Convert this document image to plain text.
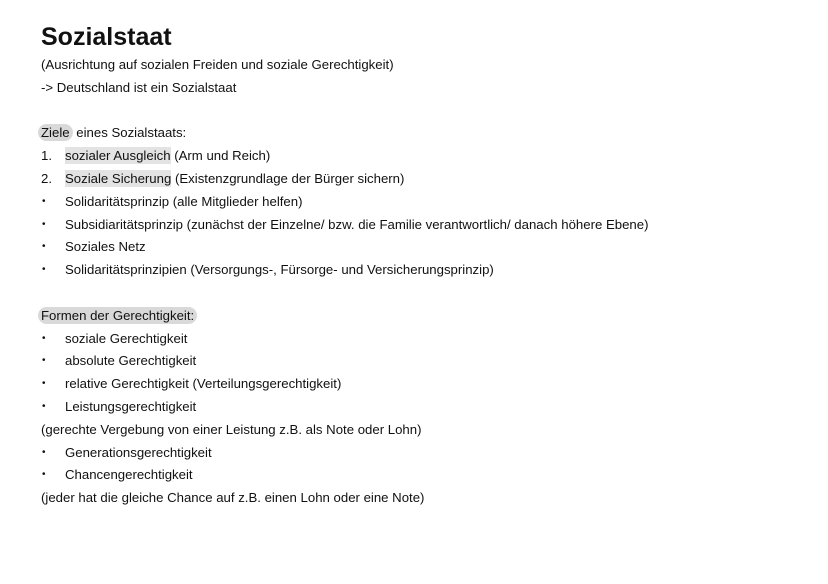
Sozialstaat
(Ausrichtung auf sozialen Freiden und soziale Gerechtigkeit)
-> Deutschland ist ein Sozialstaat
Ziele eines Sozialstaats:
1. sozialer Ausgleich (Arm und Reich)
2. Soziale Sicherung (Existenzgrundlage der Bürger sichern)
• Solidaritätsprinzip (alle Mitglieder helfen)
• Subsidiaritätsprinzip (zunächst der Einzelne/ bzw. die Familie verantwortlich/ danach höhere Ebene)
• Soziales Netz
• Solidaritätsprinzipien (Versorgungs-, Fürsorge- und Versicherungsprinzip)
Formen der Gerechtigkeit:
• soziale Gerechtigkeit
• absolute Gerechtigkeit
• relative Gerechtigkeit (Verteilungsgerechtigkeit)
• Leistungsgerechtigkeit
(gerechte Vergebung von einer Leistung z.B. als Note oder Lohn)
• Generationsgerechtigkeit
• Chancengerechtigkeit
(jeder hat die gleiche Chance auf z.B. einen Lohn oder eine Note)
